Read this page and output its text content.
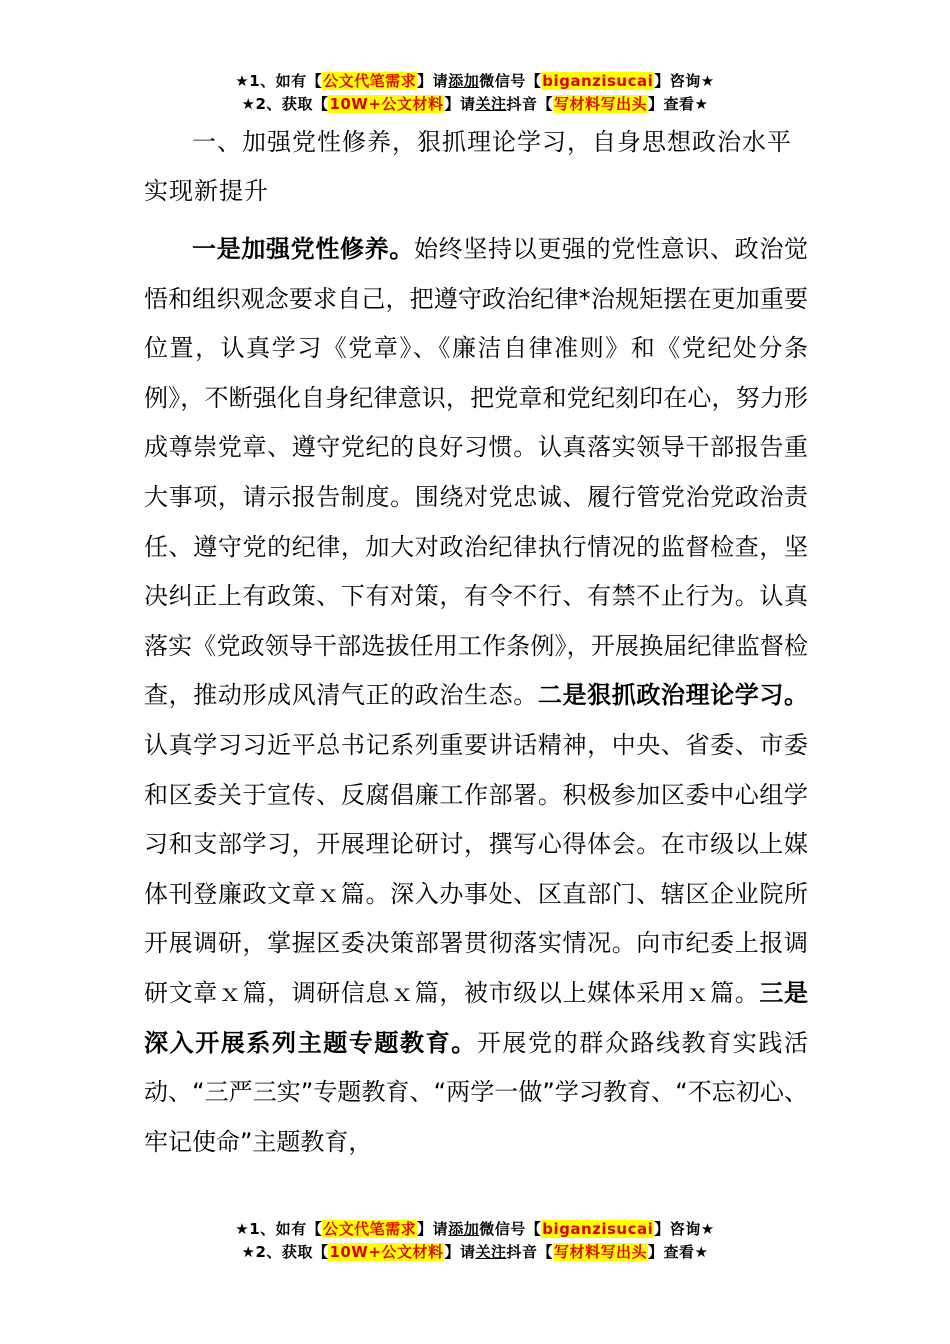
★1、如有【公文代笔需求】请添加微信号【biganzisucai】咨询★
★2、获取【10W+公文材料】请关注抖音【写材料写出头】查看★

一、加强党性修养，狠抓理论学习，自身思想政治水平实现新提升

一是加强党性修养。始终坚持以更强的党性意识、政治觉悟和组织观念要求自己，把遵守政治纪律*治规矩摆在更加重要位置，认真学习《党章》、《廉洁自律准则》和《党纪处分条例》，不断强化自身纪律意识，把党章和党纪刻印在心，努力形成尊崇党章、遵守党纪的良好习惯。认真落实领导干部报告重大事项，请示报告制度。围绕对党忠诚、履行管党治党政治责任、遵守党的纪律，加大对政治纪律执行情况的监督检查，坚决纠正上有政策、下有对策，有令不行、有禁不止行为。认真落实《党政领导干部选拔任用工作条例》，开展换届纪律监督检查，推动形成风清气正的政治生态。二是狠抓政治理论学习。认真学习习近平总书记系列重要讲话精神，中央、省委、市委和区委关于宣传、反腐倡廉工作部署。积极参加区委中心组学习和支部学习，开展理论研讨，撰写心得体会。在市级以上媒体刊登廉政文章ｘ篇。深入办事处、区直部门、辖区企业院所开展调研，掌握区委决策部署贯彻落实情况。向市纪委上报调研文章ｘ篇，调研信息ｘ篇，被市级以上媒体采用ｘ篇。三是深入开展系列主题专题教育。开展党的群众路线教育实践活动、“三严三实”专题教育、“两学一做”学习教育、“不忘初心、牢记使命”主题教育，

★1、如有【公文代笔需求】请添加微信号【biganzisucai】咨询★
★2、获取【10W+公文材料】请关注抖音【写材料写出头】查看★
